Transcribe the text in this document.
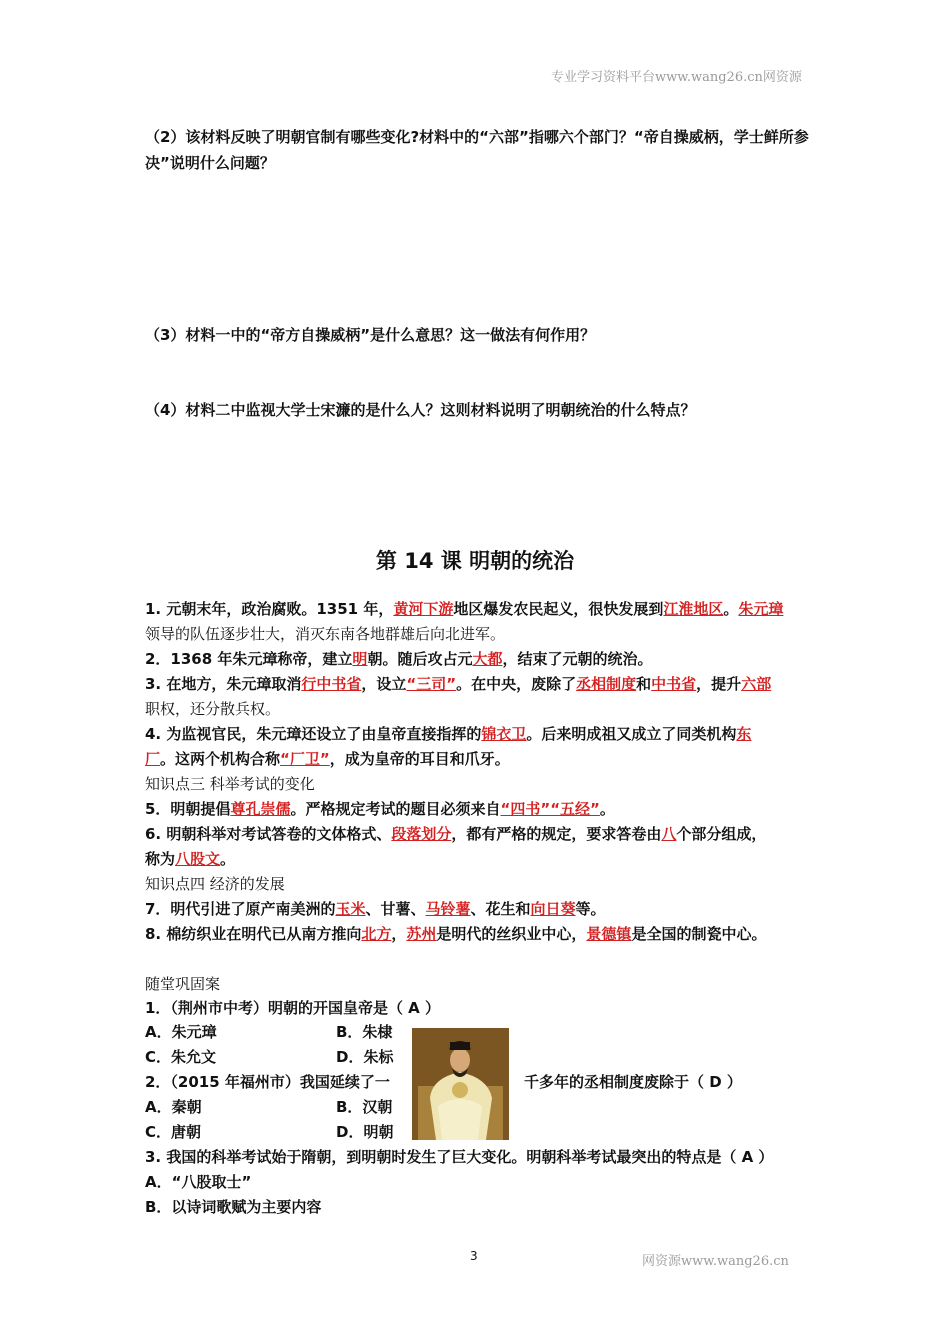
专业学习资料平台www.wang26.cn网资源
（2）该材料反映了明朝官制有哪些变化?材料中的“六部”指哪六个部门？“帝自操威柄，学士鲜所参决”说明什么问题？
（3）材料一中的“帝方自操威柄”是什么意思？这一做法有何作用？
（4）材料二中监视大学士宋濂的是什么人？这则材料说明了明朝统治的什么特点？
第 14 课 明朝的统治
1. 元朝末年，政治腐败。1351 年，黄河下游地区爆发农民起义，很快发展到江淮地区。朱元璋
领导的队伍逐步壮大，消灭东南各地群雄后向北进军。
2．1368 年朱元璋称帝，建立明朝。随后攻占元大都，结束了元朝的统治。
3. 在地方，朱元璋取消行中书省，设立“三司”。在中央，废除了丞相制度和中书省，提升六部
职权，还分散兵权。
4. 为监视官民，朱元璋还设立了由皇帝直接指挥的锦衣卫。后来明成祖又成立了同类机构东
厂。这两个机构合称“厂卫”，成为皇帝的耳目和爪牙。
知识点三 科举考试的变化
5．明朝提倡尊孔崇儒。严格规定考试的题目必须来自“四书”“五经”。
6. 明朝科举对考试答卷的文体格式、段落划分，都有严格的规定，要求答卷由八个部分组成，
称为八股文。
知识点四 经济的发展
7．明代引进了原产南美洲的玉米、甘薯、马铃薯、花生和向日葵等。
8. 棉纺织业在明代已从南方推向北方，苏州是明代的丝织业中心，景德镇是全国的制瓷中心。
随堂巩固案
1．（荆州市中考）明朝的开国皇帝是（ A ）
A．朱元璋	B．朱棣
C．朱允文	D．朱标
2．（2015 年福州市）我国延续了一	千多年的丞相制度废除于（ D ）
A．秦朝	B．汉朝
C．唐朝	D．明朝
3. 我国的科举考试始于隋朝，到明朝时发生了巨大变化。明朝科举考试最突出的特点是（ A ）
A．“八股取士”
B．以诗词歌赋为主要内容
3	网资源www.wang26.cn
